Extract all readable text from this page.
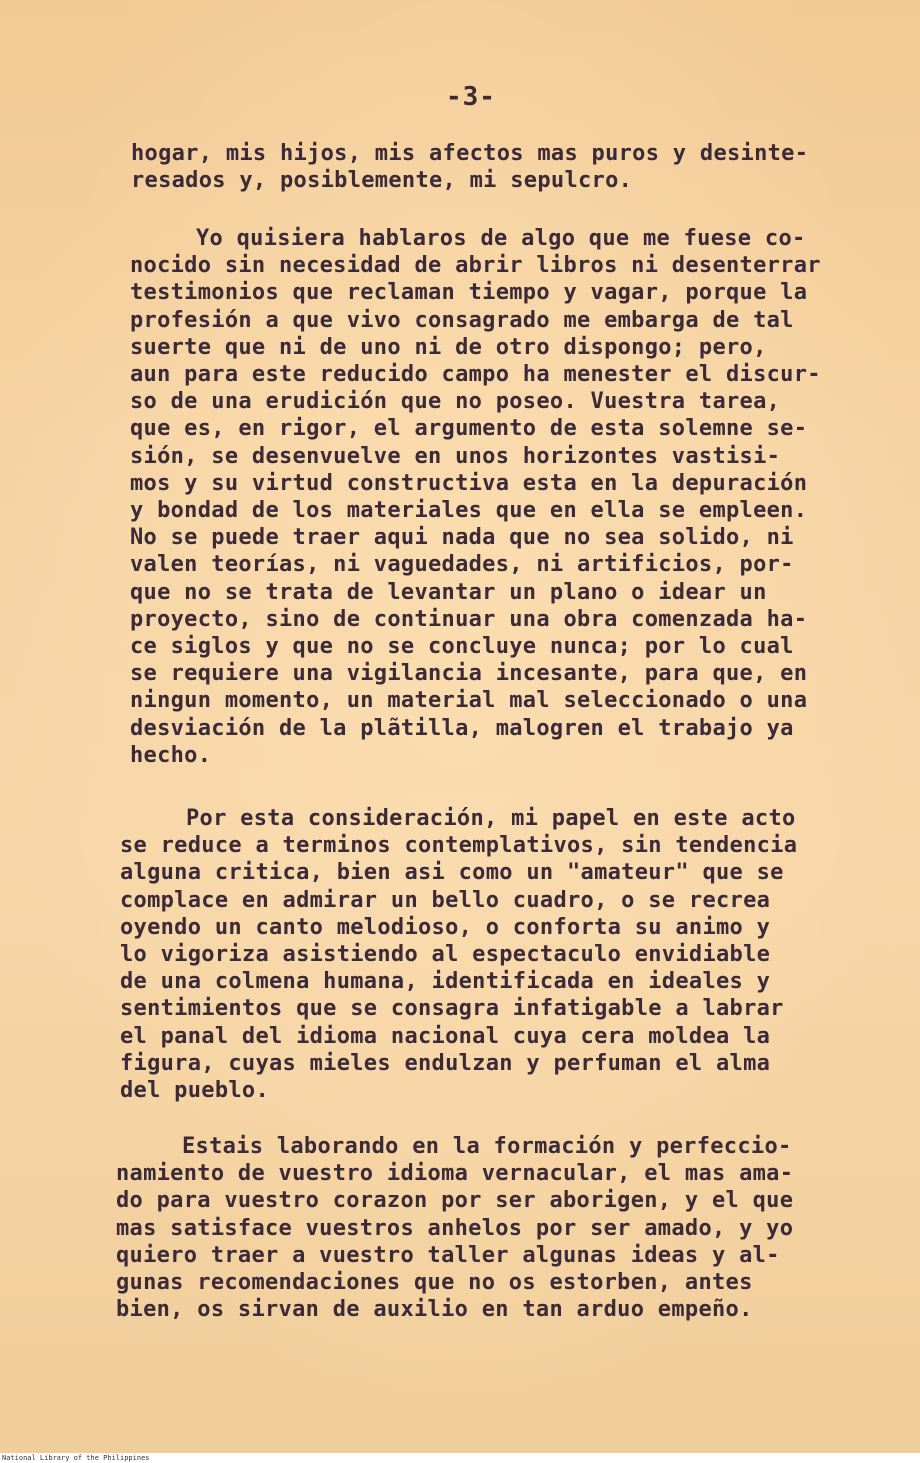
-3-
hogar, mis hijos, mis afectos mas puros y desinte-
resados y, posiblemente, mi sepulcro.
Yo quisiera hablaros de algo que me fuese co-
nocido sin necesidad de abrir libros ni desenterrar
testimonios que reclaman tiempo y vagar, porque la
profesión a que vivo consagrado me embarga de tal
suerte que ni de uno ni de otro dispongo; pero,
aun para este reducido campo ha menester el discur-
so de una erudición que no poseo. Vuestra tarea,
que es, en rigor, el argumento de esta solemne se-
sión, se desenvuelve en unos horizontes vastisi-
mos y su virtud constructiva esta en la depuración
y bondad de los materiales que en ella se empleen.
No se puede traer aqui nada que no sea solido, ni
valen teorías, ni vaguedades, ni artificios, por-
que no se trata de levantar un plano o idear un
proyecto, sino de continuar una obra comenzada ha-
ce siglos y que no se concluye nunca; por lo cual
se requiere una vigilancia incesante, para que, en
ningun momento, un material mal seleccionado o una
desviación de la plãtilla, malogren el trabajo ya
hecho.
Por esta consideración, mi papel en este acto
se reduce a terminos contemplativos, sin tendencia
alguna critica, bien asi como un "amateur" que se
complace en admirar un bello cuadro, o se recrea
oyendo un canto melodioso, o conforta su animo y
lo vigoriza asistiendo al espectaculo envidiable
de una colmena humana, identificada en ideales y
sentimientos que se consagra infatigable a labrar
el panal del idioma nacional cuya cera moldea la
figura, cuyas mieles endulzan y perfuman el alma
del pueblo.
Estais laborando en la formación y perfeccio-
namiento de vuestro idioma vernacular, el mas ama-
do para vuestro corazon por ser aborigen, y el que
mas satisface vuestros anhelos por ser amado, y yo
quiero traer a vuestro taller algunas ideas y al-
gunas recomendaciones que no os estorben, antes
bien, os sirvan de auxilio en tan arduo empeño.
National Library of the Philippines
